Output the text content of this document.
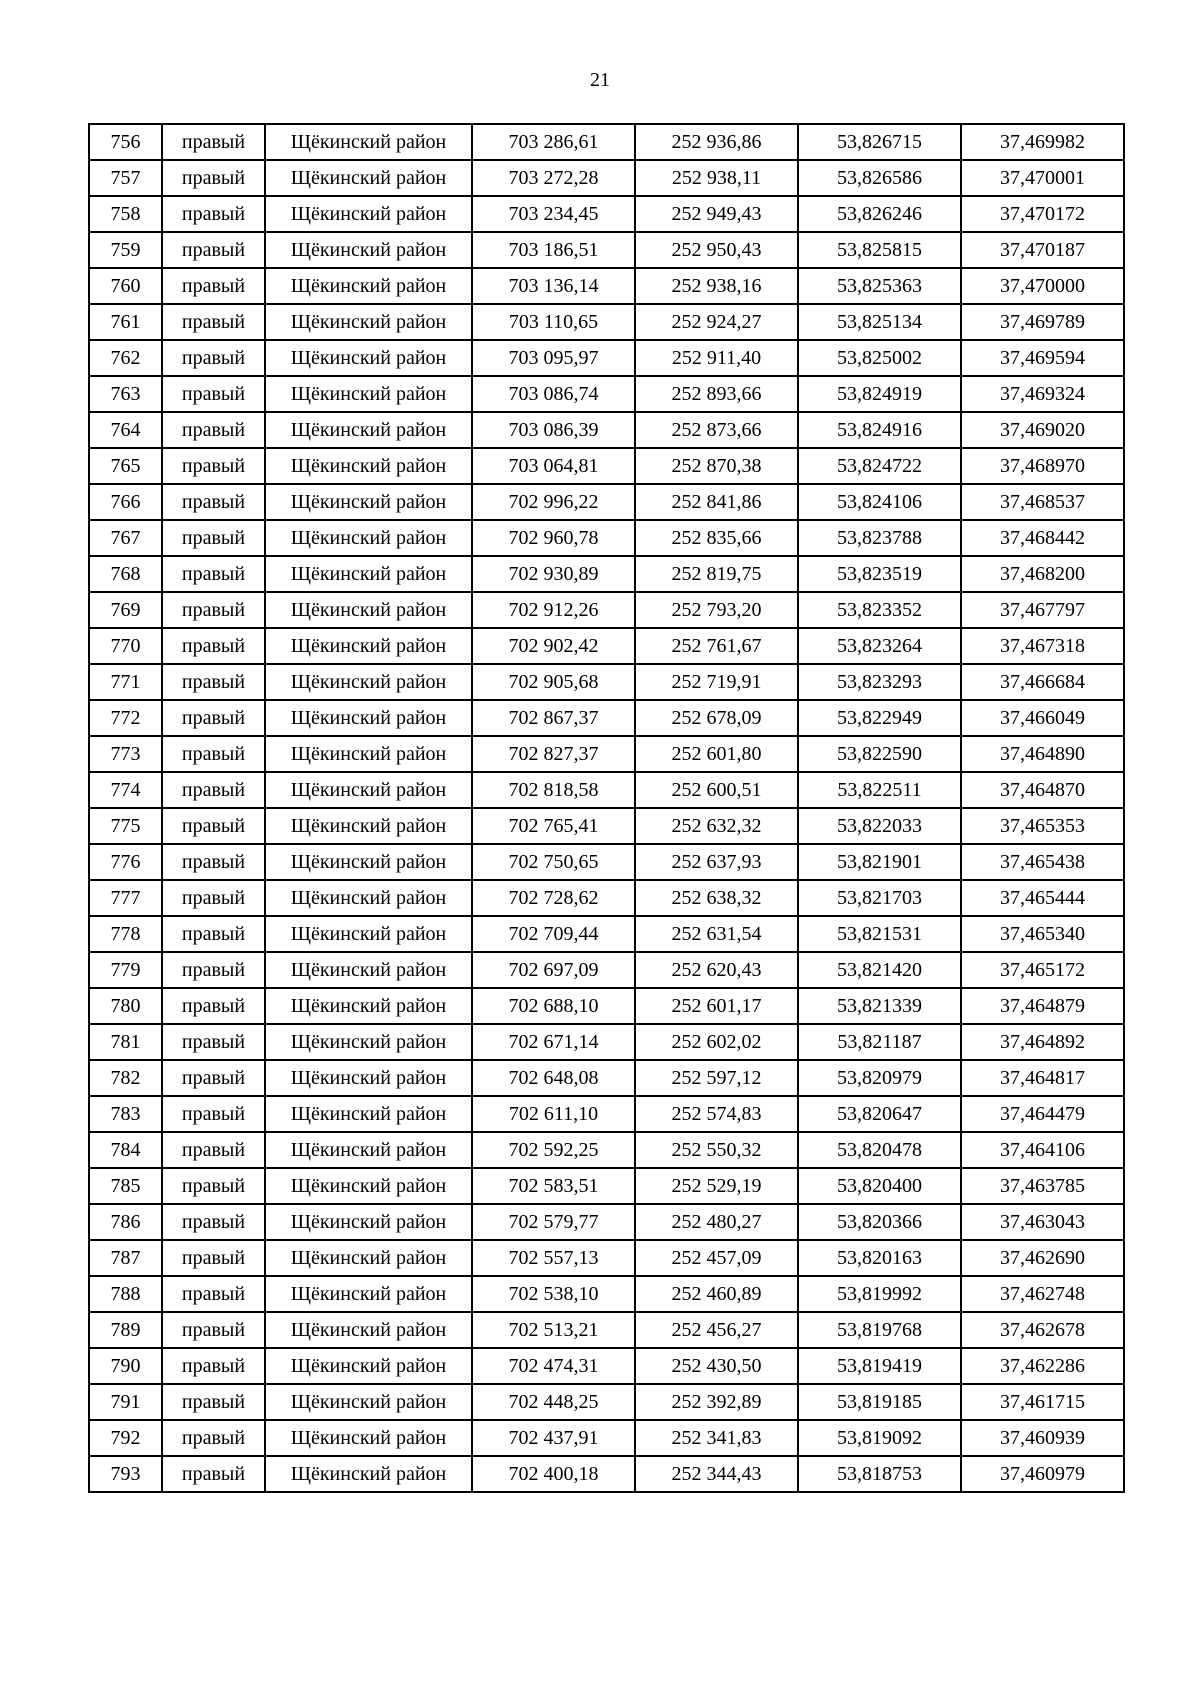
21
756	правый	Щёкинский район	703 286,61	252 936,86	53,826715	37,469982
757	правый	Щёкинский район	703 272,28	252 938,11	53,826586	37,470001
758	правый	Щёкинский район	703 234,45	252 949,43	53,826246	37,470172
759	правый	Щёкинский район	703 186,51	252 950,43	53,825815	37,470187
760	правый	Щёкинский район	703 136,14	252 938,16	53,825363	37,470000
761	правый	Щёкинский район	703 110,65	252 924,27	53,825134	37,469789
762	правый	Щёкинский район	703 095,97	252 911,40	53,825002	37,469594
763	правый	Щёкинский район	703 086,74	252 893,66	53,824919	37,469324
764	правый	Щёкинский район	703 086,39	252 873,66	53,824916	37,469020
765	правый	Щёкинский район	703 064,81	252 870,38	53,824722	37,468970
766	правый	Щёкинский район	702 996,22	252 841,86	53,824106	37,468537
767	правый	Щёкинский район	702 960,78	252 835,66	53,823788	37,468442
768	правый	Щёкинский район	702 930,89	252 819,75	53,823519	37,468200
769	правый	Щёкинский район	702 912,26	252 793,20	53,823352	37,467797
770	правый	Щёкинский район	702 902,42	252 761,67	53,823264	37,467318
771	правый	Щёкинский район	702 905,68	252 719,91	53,823293	37,466684
772	правый	Щёкинский район	702 867,37	252 678,09	53,822949	37,466049
773	правый	Щёкинский район	702 827,37	252 601,80	53,822590	37,464890
774	правый	Щёкинский район	702 818,58	252 600,51	53,822511	37,464870
775	правый	Щёкинский район	702 765,41	252 632,32	53,822033	37,465353
776	правый	Щёкинский район	702 750,65	252 637,93	53,821901	37,465438
777	правый	Щёкинский район	702 728,62	252 638,32	53,821703	37,465444
778	правый	Щёкинский район	702 709,44	252 631,54	53,821531	37,465340
779	правый	Щёкинский район	702 697,09	252 620,43	53,821420	37,465172
780	правый	Щёкинский район	702 688,10	252 601,17	53,821339	37,464879
781	правый	Щёкинский район	702 671,14	252 602,02	53,821187	37,464892
782	правый	Щёкинский район	702 648,08	252 597,12	53,820979	37,464817
783	правый	Щёкинский район	702 611,10	252 574,83	53,820647	37,464479
784	правый	Щёкинский район	702 592,25	252 550,32	53,820478	37,464106
785	правый	Щёкинский район	702 583,51	252 529,19	53,820400	37,463785
786	правый	Щёкинский район	702 579,77	252 480,27	53,820366	37,463043
787	правый	Щёкинский район	702 557,13	252 457,09	53,820163	37,462690
788	правый	Щёкинский район	702 538,10	252 460,89	53,819992	37,462748
789	правый	Щёкинский район	702 513,21	252 456,27	53,819768	37,462678
790	правый	Щёкинский район	702 474,31	252 430,50	53,819419	37,462286
791	правый	Щёкинский район	702 448,25	252 392,89	53,819185	37,461715
792	правый	Щёкинский район	702 437,91	252 341,83	53,819092	37,460939
793	правый	Щёкинский район	702 400,18	252 344,43	53,818753	37,460979
